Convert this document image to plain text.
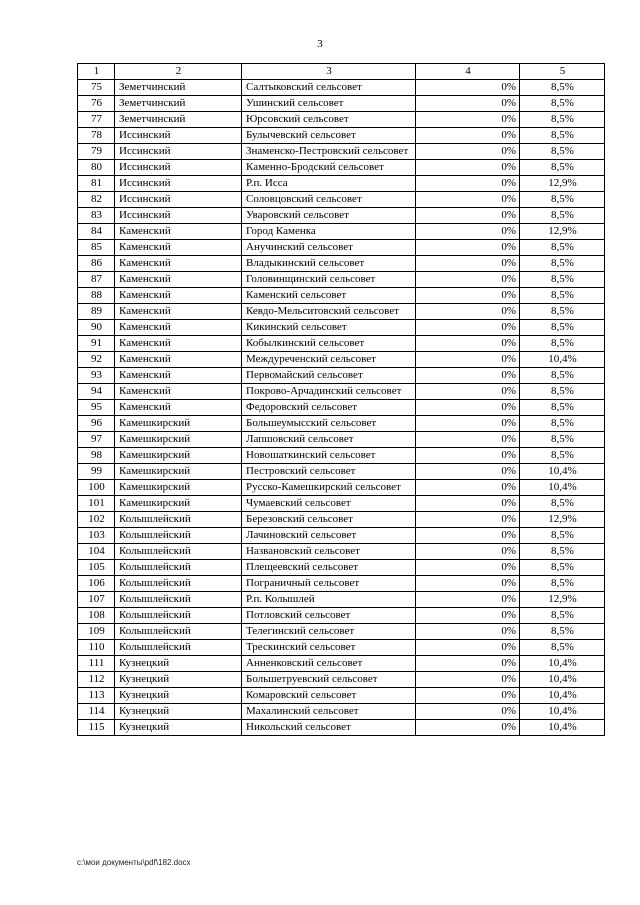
3
1	2	3	4	5
75	Земетчинский	Салтыковский сельсовет	0%	8,5%
76	Земетчинский	Ушинский сельсовет	0%	8,5%
77	Земетчинский	Юрсовский сельсовет	0%	8,5%
78	Иссинский	Булычевский сельсовет	0%	8,5%
79	Иссинский	Знаменско-Пестровский сельсовет	0%	8,5%
80	Иссинский	Каменно-Бродский сельсовет	0%	8,5%
81	Иссинский	Р.п. Исса	0%	12,9%
82	Иссинский	Соловцовский сельсовет	0%	8,5%
83	Иссинский	Уваровский сельсовет	0%	8,5%
84	Каменский	Город Каменка	0%	12,9%
85	Каменский	Анучинский сельсовет	0%	8,5%
86	Каменский	Владыкинский сельсовет	0%	8,5%
87	Каменский	Головинщинский сельсовет	0%	8,5%
88	Каменский	Каменский сельсовет	0%	8,5%
89	Каменский	Кевдо-Мельситовский сельсовет	0%	8,5%
90	Каменский	Кикинский сельсовет	0%	8,5%
91	Каменский	Кобылкинский сельсовет	0%	8,5%
92	Каменский	Междуреченский сельсовет	0%	10,4%
93	Каменский	Первомайский сельсовет	0%	8,5%
94	Каменский	Покрово-Арчадинский сельсовет	0%	8,5%
95	Каменский	Федоровский сельсовет	0%	8,5%
96	Камешкирский	Большеумысский сельсовет	0%	8,5%
97	Камешкирский	Лапшовский сельсовет	0%	8,5%
98	Камешкирский	Новошаткинский сельсовет	0%	8,5%
99	Камешкирский	Пестровский сельсовет	0%	10,4%
100	Камешкирский	Русско-Камешкирский сельсовет	0%	10,4%
101	Камешкирский	Чумаевский сельсовет	0%	8,5%
102	Колышлейский	Березовский сельсовет	0%	12,9%
103	Колышлейский	Лачиновский сельсовет	0%	8,5%
104	Колышлейский	Названовский сельсовет	0%	8,5%
105	Колышлейский	Плещеевский сельсовет	0%	8,5%
106	Колышлейский	Пограничный сельсовет	0%	8,5%
107	Колышлейский	Р.п. Колышлей	0%	12,9%
108	Колышлейский	Потловский сельсовет	0%	8,5%
109	Колышлейский	Телегинский сельсовет	0%	8,5%
110	Колышлейский	Трескинский сельсовет	0%	8,5%
111	Кузнецкий	Анненковский сельсовет	0%	10,4%
112	Кузнецкий	Большетруевский сельсовет	0%	10,4%
113	Кузнецкий	Комаровский сельсовет	0%	10,4%
114	Кузнецкий	Махалинский сельсовет	0%	10,4%
115	Кузнецкий	Никольский сельсовет	0%	10,4%
c:\мои документы\pdf\182.docx
